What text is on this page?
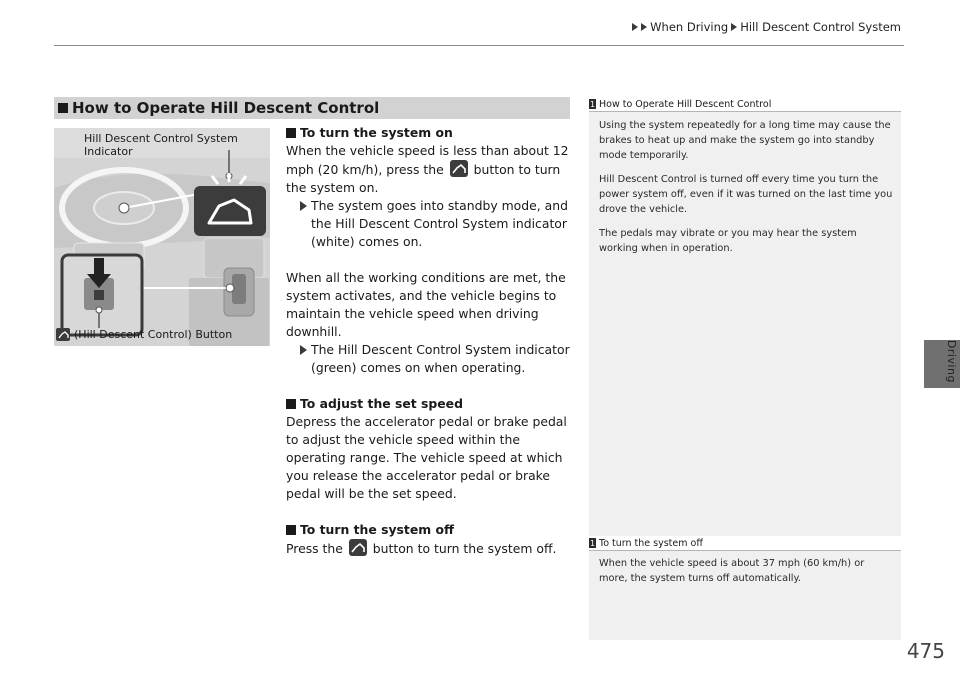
When Driving Hill Descent Control System
Driving
475
How to Operate Hill Descent Control
Hill Descent Control System
Indicator
(Hill Descent Control) Button

To turn the system on

When the vehicle speed is less than about 12

mph (20 km/h), press the button to turn

the system on.

The system goes into standby mode, and
the Hill Descent Control System indicator
(white) comes on.

When all the working conditions are met, the

system activates, and the vehicle begins to

maintain the vehicle speed when driving

downhill.

The Hill Descent Control System indicator
(green) comes on when operating.

To adjust the set speed

Depress the accelerator pedal or brake pedal

to adjust the vehicle speed within the

operating range. The vehicle speed at which

you release the accelerator pedal or brake

pedal will be the set speed.

To turn the system off

Press the button to turn the system off.

1 How to Operate Hill Descent Control

Using the system repeatedly for a long time may cause the brakes to heat up and make the system go into standby mode temporarily.

Hill Descent Control is turned off every time you turn the power system off, even if it was turned on the last time you drove the vehicle.

The pedals may vibrate or you may hear the system working when in operation.

1 To turn the system off

When the vehicle speed is about 37 mph (60 km/h) or more, the system turns off automatically.
